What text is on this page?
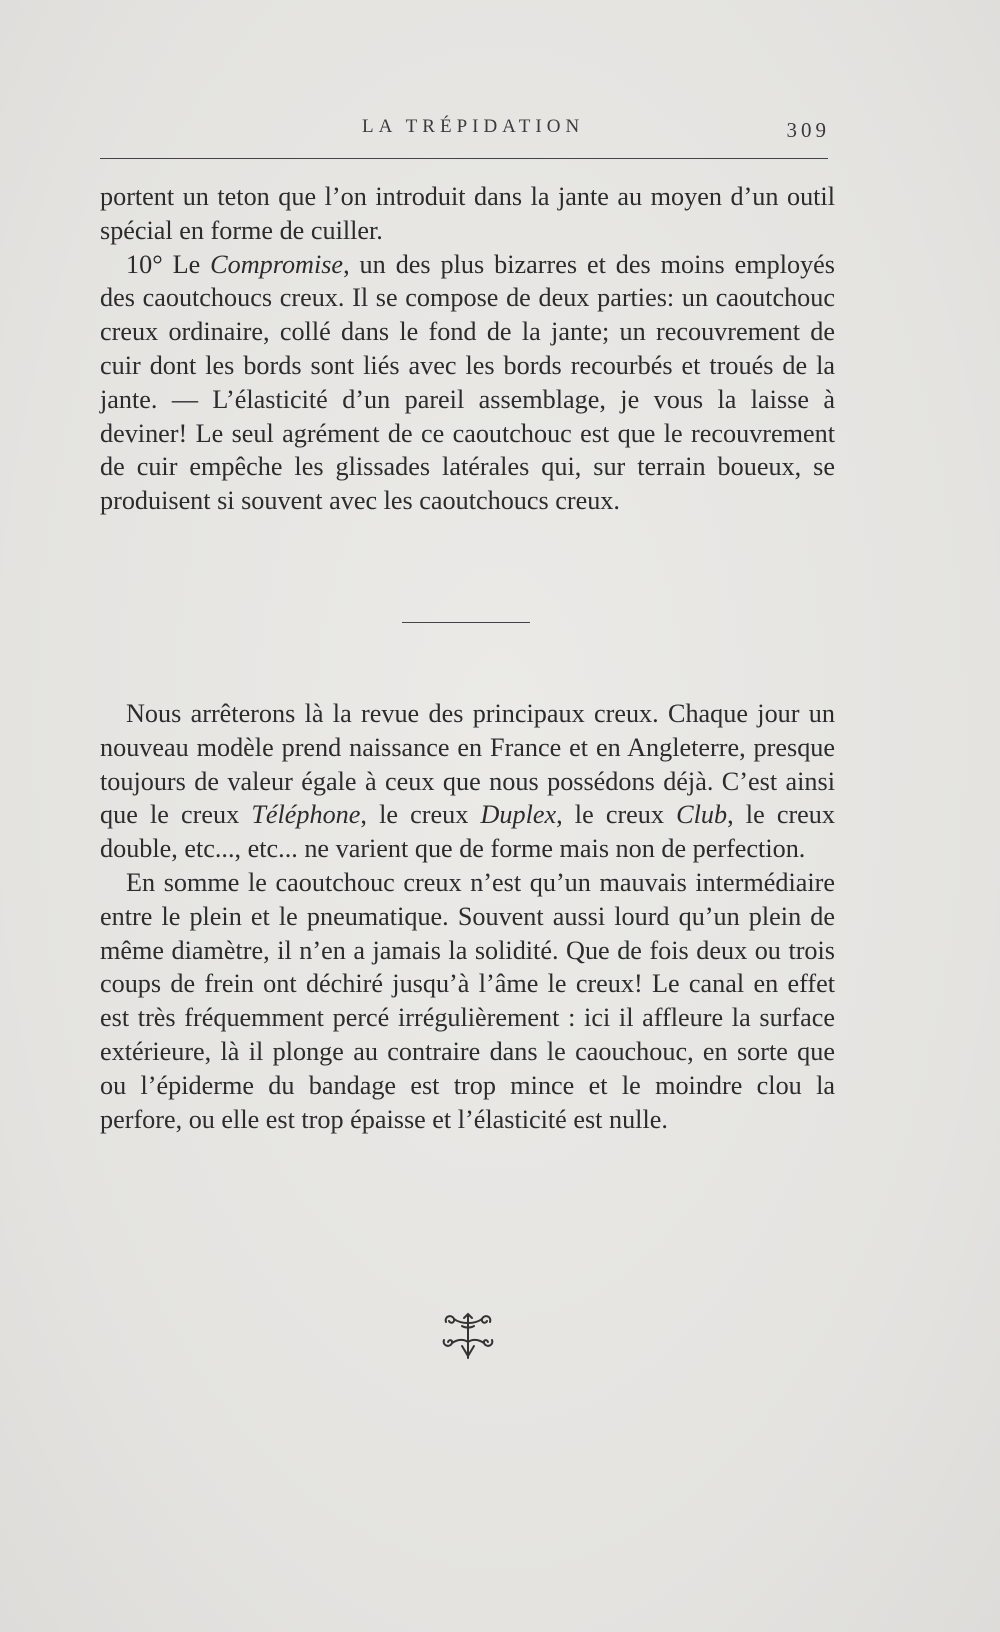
LA TRÉPIDATION	309

portent un teton que l’on introduit dans la jante au moyen d’un outil spécial en forme de cuiller.

10° Le Compromise, un des plus bizarres et des moins employés des caoutchoucs creux. Il se compose de deux parties: un caoutchouc creux ordinaire, collé dans le fond de la jante; un recouvrement de cuir dont les bords sont liés avec les bords recourbés et troués de la jante. — L’élasticité d’un pareil assemblage, je vous la laisse à deviner! Le seul agrément de ce caoutchouc est que le recouvrement de cuir empêche les glissades latérales qui, sur terrain boueux, se produisent si souvent avec les caoutchoucs creux.

Nous arrêterons là la revue des principaux creux. Chaque jour un nouveau modèle prend naissance en France et en Angleterre, presque toujours de valeur égale à ceux que nous possédons déjà. C’est ainsi que le creux Téléphone, le creux Duplex, le creux Club, le creux double, etc..., etc... ne varient que de forme mais non de perfection.

En somme le caoutchouc creux n’est qu’un mauvais intermédiaire entre le plein et le pneumatique. Souvent aussi lourd qu’un plein de même diamètre, il n’en a jamais la solidité. Que de fois deux ou trois coups de frein ont déchiré jusqu’à l’âme le creux! Le canal en effet est très fréquemment percé irrégulièrement : ici il affleure la surface extérieure, là il plonge au contraire dans le caouchouc, en sorte que ou l’épiderme du bandage est trop mince et le moindre clou la perfore, ou elle est trop épaisse et l’élasticité est nulle.
